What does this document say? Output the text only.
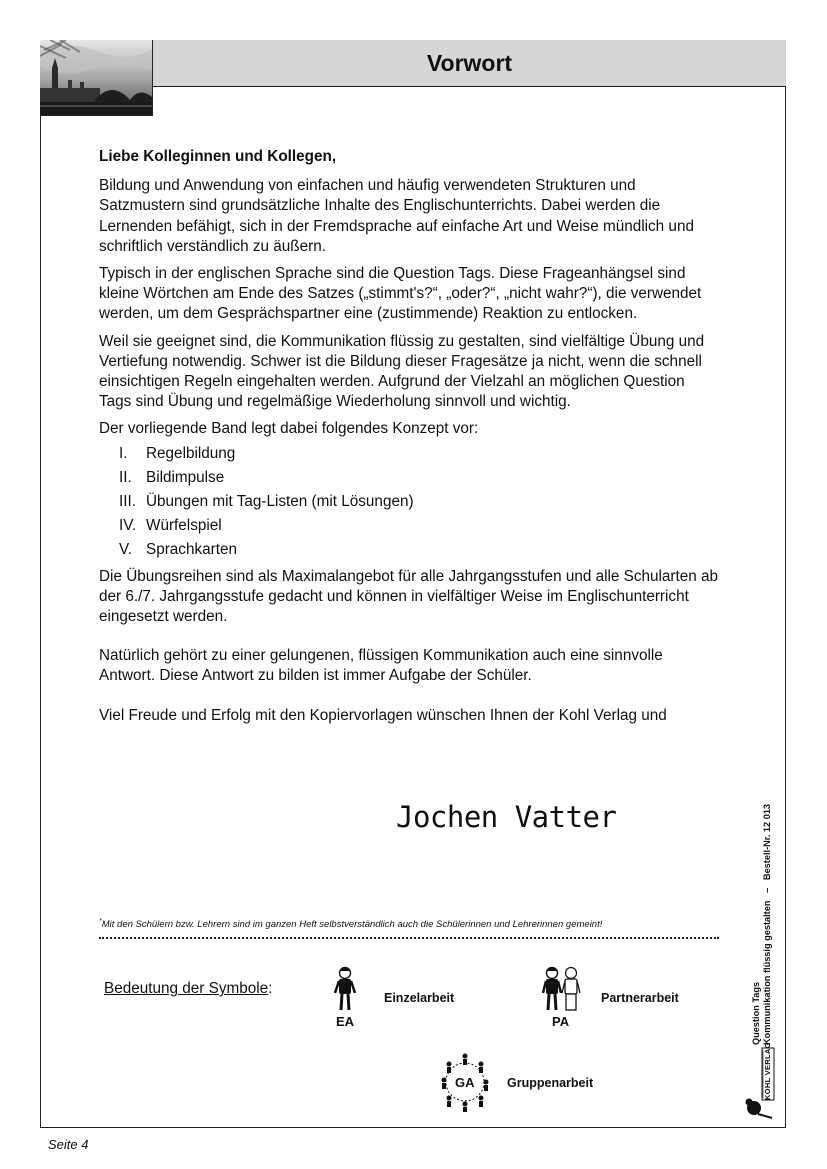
Vorwort

Liebe Kolleginnen und Kollegen,

Bildung und Anwendung von einfachen und häufig verwendeten Strukturen und Satzmustern sind grundsätzliche Inhalte des Englischunterrichts. Dabei werden die Lernenden befähigt, sich in der Fremdsprache auf einfache Art und Weise mündlich und schriftlich verständlich zu äußern.

Typisch in der englischen Sprache sind die Question Tags. Diese Frageanhängsel sind kleine Wörtchen am Ende des Satzes („stimmt's?“, „oder?“, „nicht wahr?“), die verwendet werden, um dem Gesprächspartner eine (zustimmende) Reaktion zu entlocken.

Weil sie geeignet sind, die Kommunikation flüssig zu gestalten, sind vielfältige Übung und Vertiefung notwendig. Schwer ist die Bildung dieser Fragesätze ja nicht, wenn die schnell einsichtigen Regeln eingehalten werden. Aufgrund der Vielzahl an möglichen Question Tags sind Übung und regelmäßige Wiederholung sinnvoll und wichtig.

Der vorliegende Band legt dabei folgendes Konzept vor:

I.	Regelbildung
II. Bildimpulse
III. Übungen mit Tag-Listen (mit Lösungen)
IV. Würfelspiel
V. Sprachkarten

Die Übungsreihen sind als Maximalangebot für alle Jahrgangsstufen und alle Schularten ab der 6./7. Jahrgangsstufe gedacht und können in vielfältiger Weise im Englischunterricht eingesetzt werden.

Natürlich gehört zu einer gelungenen, flüssigen Kommunikation auch eine sinnvolle Antwort. Diese Antwort zu bilden ist immer Aufgabe der Schüler.

Viel Freude und Erfolg mit den Kopiervorlagen wünschen Ihnen der Kohl Verlag und

Jochen Vatter
*Mit den Schülern bzw. Lehrern sind im ganzen Heft selbstverständlich auch die Schülerinnen und Lehrerinnen gemeint!
Bedeutung der Symbole:
EA
Einzelarbeit
PA
Partnerarbeit
GA	Gruppenarbeit
Question Tags Kommunikation flüssig gestalten   –   Bestell-Nr. 12 013
KOHL VERLAG
Seite 4
